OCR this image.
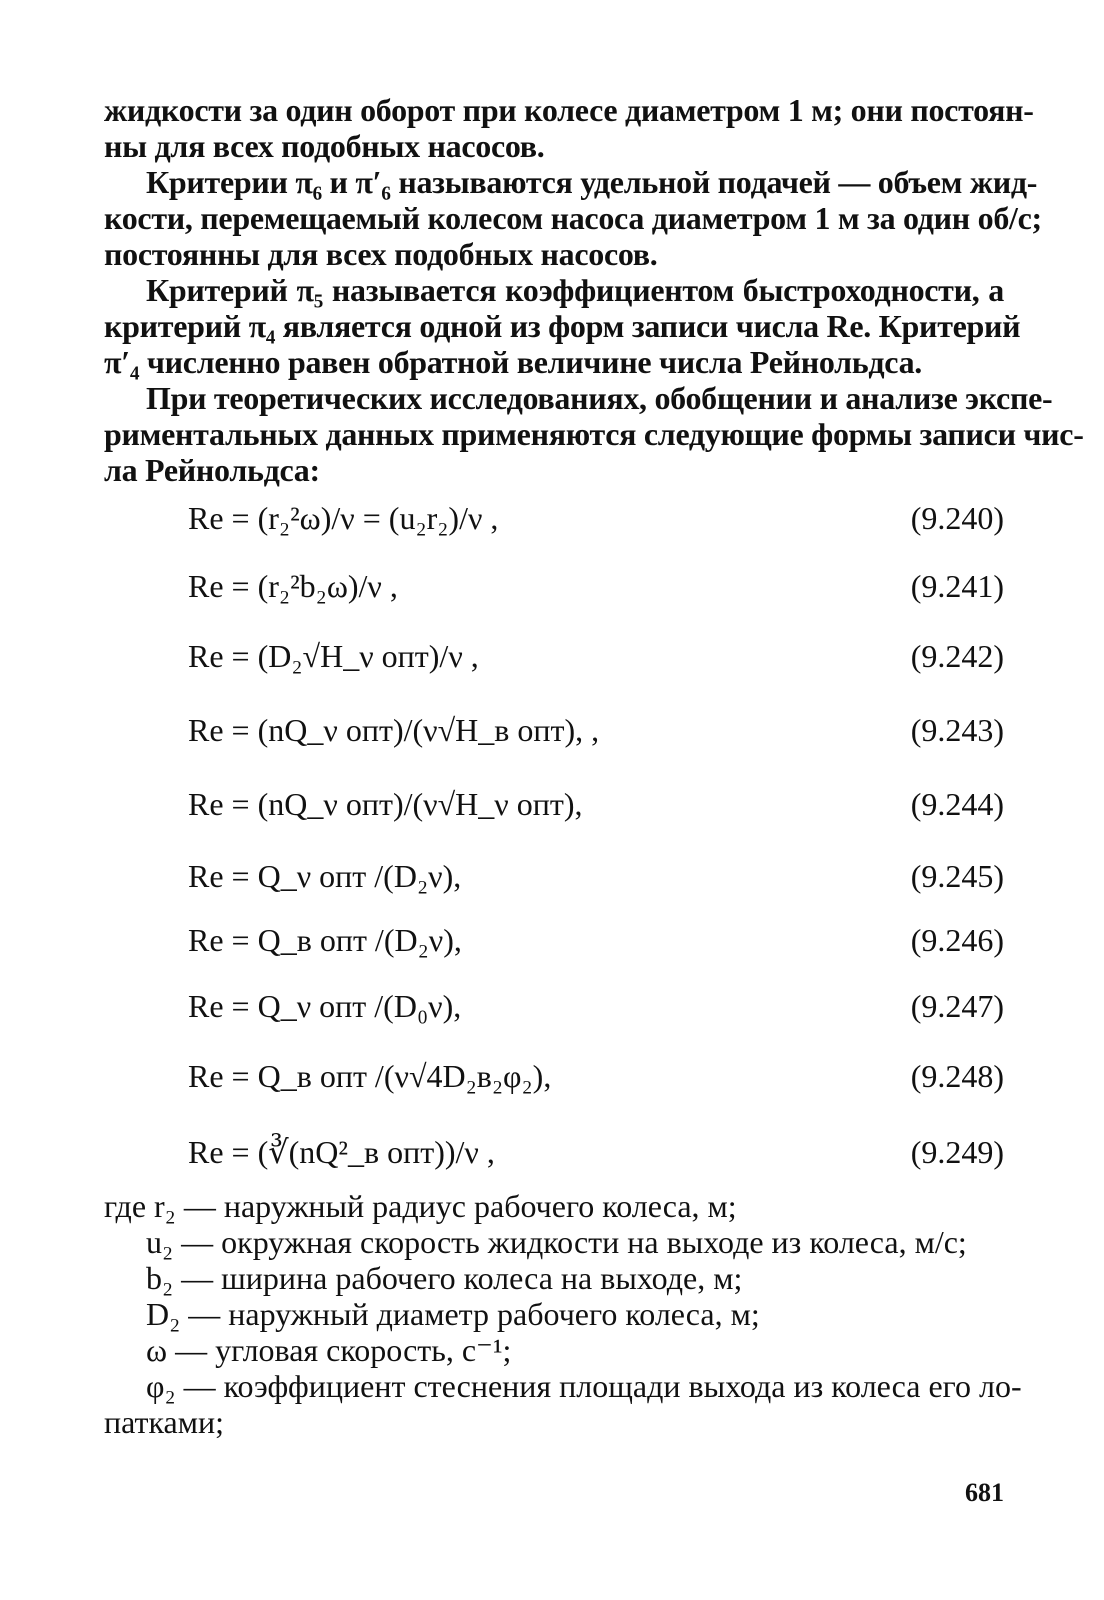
жидкости за один оборот при колесе диаметром 1 м; они постоян-
ны для всех подобных насосов.
Критерии π₆ и π′₆ называются удельной подачей — объем жид-
кости, перемещаемый колесом насоса диаметром 1 м за один об/с;
постоянны для всех подобных насосов.
Критерий π₅ называется коэффициентом быстроходности, а
критерий π₄ является одной из форм записи числа Re. Критерий
π′₄ численно равен обратной величине числа Рейнольдса.
При теоретических исследованиях, обобщении и анализе экспе-
риментальных данных применяются следующие формы записи чис-
ла Рейнольдса:
Re = (r₂²ω)/ν = (u₂r₂)/ν ,	(9.240)
Re = (r₂²b₂ω)/ν ,	(9.241)
Re = (D₂√H_ν опт)/ν ,	(9.242)
Re = (nQ_ν опт)/(ν√H_в опт), ,	(9.243)
Re = (nQ_ν опт)/(ν√H_ν опт),	(9.244)
Re = Q_ν опт /(D₂ν),	(9.245)
Re = Q_в опт /(D₂ν),	(9.246)
Re = Q_ν опт /(D₀ν),	(9.247)
Re = Q_в опт /(ν√4D₂в₂φ₂),	(9.248)
Re = (∛(nQ²_в опт))/ν ,	(9.249)
где r₂ — наружный радиус рабочего колеса, м;
u₂ — окружная скорость жидкости на выходе из колеса, м/с;
b₂ — ширина рабочего колеса на выходе, м;
D₂ — наружный диаметр рабочего колеса, м;
ω — угловая скорость, с⁻¹;
φ₂ — коэффициент стеснения площади выхода из колеса его ло-
патками;
681
